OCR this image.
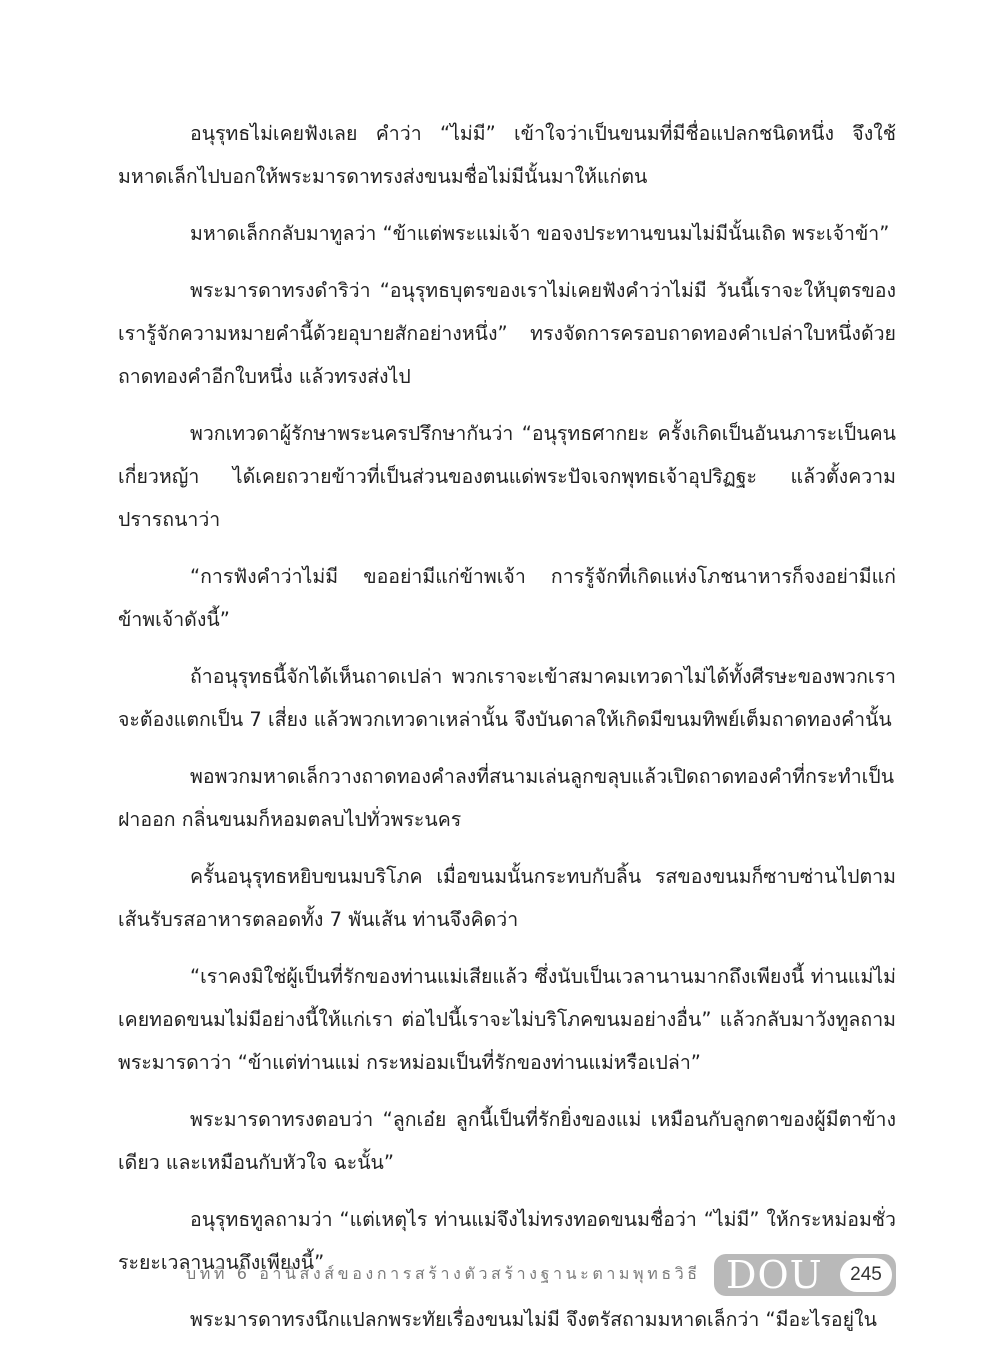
อนุรุทธไม่เคยฟังเลย คำว่า “ไม่มี” เข้าใจว่าเป็นขนมที่มีชื่อแปลกชนิดหนึ่ง จึงใช้มหาดเล็กไปบอกให้พระมารดาทรงส่งขนมชื่อไม่มีนั้นมาให้แก่ตน

มหาดเล็กกลับมาทูลว่า “ข้าแต่พระแม่เจ้า ขอจงประทานขนมไม่มีนั้นเถิด พระเจ้าข้า”

พระมารดาทรงดำริว่า “อนุรุทธบุตรของเราไม่เคยฟังคำว่าไม่มี วันนี้เราจะให้บุตรของเรารู้จักความหมายคำนี้ด้วยอุบายสักอย่างหนึ่ง” ทรงจัดการครอบถาดทองคำเปล่าใบหนึ่งด้วยถาดทองคำอีกใบหนึ่ง แล้วทรงส่งไป

พวกเทวดาผู้รักษาพระนครปรึกษากันว่า “อนุรุทธศากยะ ครั้งเกิดเป็นอันนภาระเป็นคนเกี่ยวหญ้า ได้เคยถวายข้าวที่เป็นส่วนของตนแด่พระปัจเจกพุทธเจ้าอุปริฏฐะ แล้วตั้งความปรารถนาว่า

“การฟังคำว่าไม่มี ขออย่ามีแก่ข้าพเจ้า การรู้จักที่เกิดแห่งโภชนาหารก็จงอย่ามีแก่ข้าพเจ้าดังนี้”

ถ้าอนุรุทธนี้จักได้เห็นถาดเปล่า พวกเราจะเข้าสมาคมเทวดาไม่ได้ทั้งศีรษะของพวกเราจะต้องแตกเป็น 7 เสี่ยง แล้วพวกเทวดาเหล่านั้น จึงบันดาลให้เกิดมีขนมทิพย์เต็มถาดทองคำนั้น

พอพวกมหาดเล็กวางถาดทองคำลงที่สนามเล่นลูกขลุบแล้วเปิดถาดทองคำที่กระทำเป็นฝาออก กลิ่นขนมก็หอมตลบไปทั่วพระนคร

ครั้นอนุรุทธหยิบขนมบริโภค เมื่อขนมนั้นกระทบกับลิ้น รสของขนมก็ซาบซ่านไปตามเส้นรับรสอาหารตลอดทั้ง 7 พันเส้น ท่านจึงคิดว่า

“เราคงมิใช่ผู้เป็นที่รักของท่านแม่เสียแล้ว ซึ่งนับเป็นเวลานานมากถึงเพียงนี้ ท่านแม่ไม่เคยทอดขนมไม่มีอย่างนี้ให้แก่เรา ต่อไปนี้เราจะไม่บริโภคขนมอย่างอื่น” แล้วกลับมาวังทูลถามพระมารดาว่า “ข้าแต่ท่านแม่ กระหม่อมเป็นที่รักของท่านแม่หรือเปล่า”

พระมารดาทรงตอบว่า “ลูกเอ๋ย ลูกนี้เป็นที่รักยิ่งของแม่ เหมือนกับลูกตาของผู้มีตาข้างเดียว และเหมือนกับหัวใจ ฉะนั้น”

อนุรุทธทูลถามว่า “แต่เหตุไร ท่านแม่จึงไม่ทรงทอดขนมชื่อว่า “ไม่มี” ให้กระหม่อมชั่วระยะเวลานานถึงเพียงนี้”

พระมารดาทรงนึกแปลกพระทัยเรื่องขนมไม่มี จึงตรัสถามมหาดเล็กว่า “มีอะไรอยู่ใน

บทที่ 6 อานิสงส์ของการสร้างตัวสร้างฐานะตามพุทธวิธี DOU	245
